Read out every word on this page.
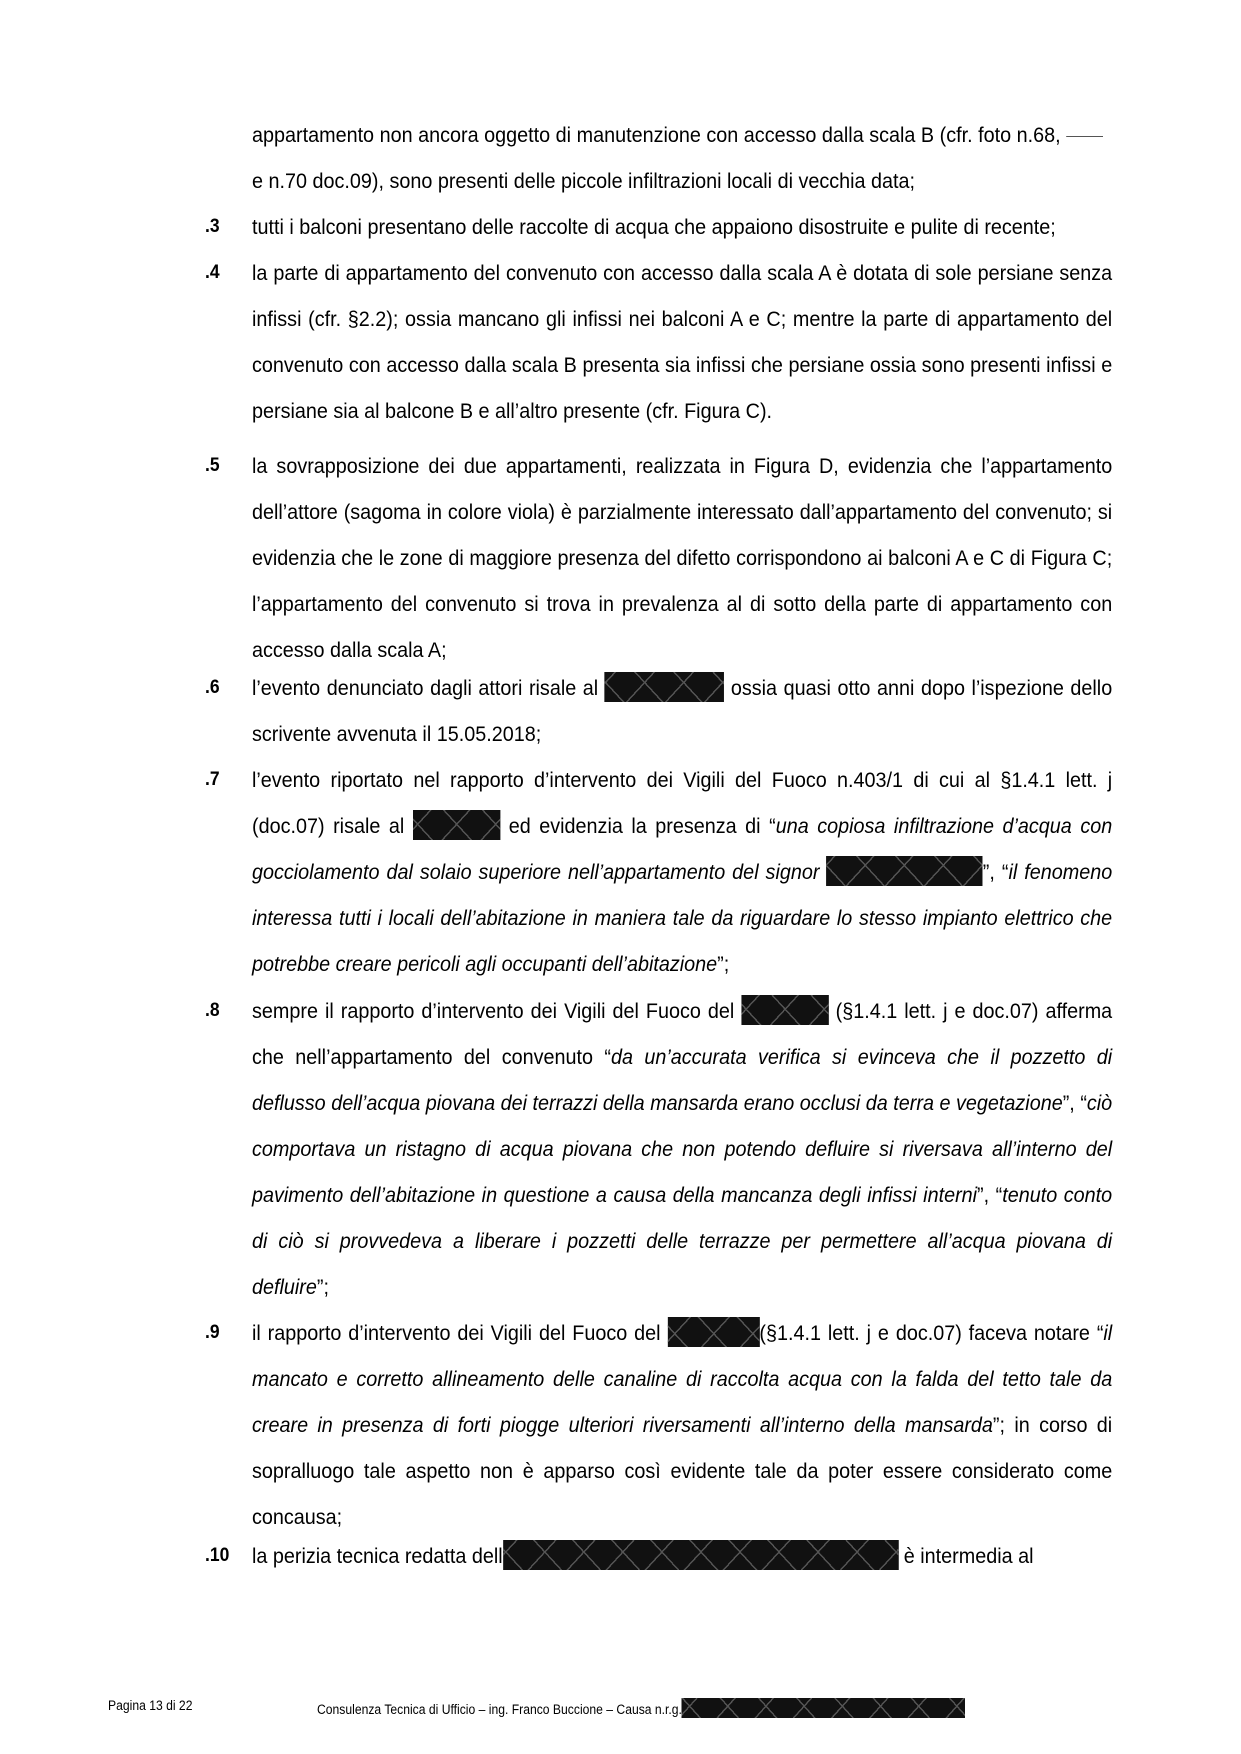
appartamento non ancora oggetto di manutenzione con accesso dalla scala B (cfr. foto n.68, e n.70 doc.09), sono presenti delle piccole infiltrazioni locali di vecchia data;
.3 tutti i balconi presentano delle raccolte di acqua che appaiono disostruite e pulite di recente;
.4 la parte di appartamento del convenuto con accesso dalla scala A è dotata di sole persiane senza infissi (cfr. §2.2); ossia mancano gli infissi nei balconi A e C; mentre la parte di appartamento del convenuto con accesso dalla scala B presenta sia infissi che persiane ossia sono presenti infissi e persiane sia al balcone B e all’altro presente (cfr. Figura C).
.5 la sovrapposizione dei due appartamenti, realizzata in Figura D, evidenzia che l’appartamento dell’attore (sagoma in colore viola) è parzialmente interessato dall’appartamento del convenuto; si evidenzia che le zone di maggiore presenza del difetto corrispondono ai balconi A e C di Figura C; l’appartamento del convenuto si trova in prevalenza al di sotto della parte di appartamento con accesso dalla scala A;
.6 l’evento denunciato dagli attori risale al	ossia quasi otto anni dopo l’ispezione dello scrivente avvenuta il 15.05.2018;
.7 l’evento riportato nel rapporto d’intervento dei Vigili del Fuoco n.403/1 di cui al §1.4.1 lett. j (doc.07) risale al	ed evidenzia la presenza di “una copiosa infiltrazione d’acqua con gocciolamento dal solaio superiore nell’appartamento del signor	”, “il fenomeno interessa tutti i locali dell’abitazione in maniera tale da riguardare lo stesso impianto elettrico che potrebbe creare pericoli agli occupanti dell’abitazione”;
.8 sempre il rapporto d’intervento dei Vigili del Fuoco del	(§1.4.1 lett. j e doc.07) afferma che nell’appartamento del convenuto “da un’accurata verifica si evinceva che il pozzetto di deflusso dell’acqua piovana dei terrazzi della mansarda erano occlusi da terra e vegetazione”, “ciò comportava un ristagno di acqua piovana che non potendo defluire si riversava all’interno del pavimento dell’abitazione in questione a causa della mancanza degli infissi interni”, “tenuto conto di ciò si provvedeva a liberare i pozzetti delle terrazze per permettere all’acqua piovana di defluire”;
.9 il rapporto d’intervento dei Vigili del Fuoco del	(§1.4.1 lett. j e doc.07) faceva notare “il mancato e corretto allineamento delle canaline di raccolta acqua con la falda del tetto tale da creare in presenza di forti piogge ulteriori riversamenti all’interno della mansarda”; in corso di sopralluogo tale aspetto non è apparso così evidente tale da poter essere considerato come concausa;
.10 la perizia tecnica redatta dell	è intermedia al
Pagina 13 di 22	Consulenza Tecnica di Ufficio – ing. Franco Buccione – Causa n.r.g.
